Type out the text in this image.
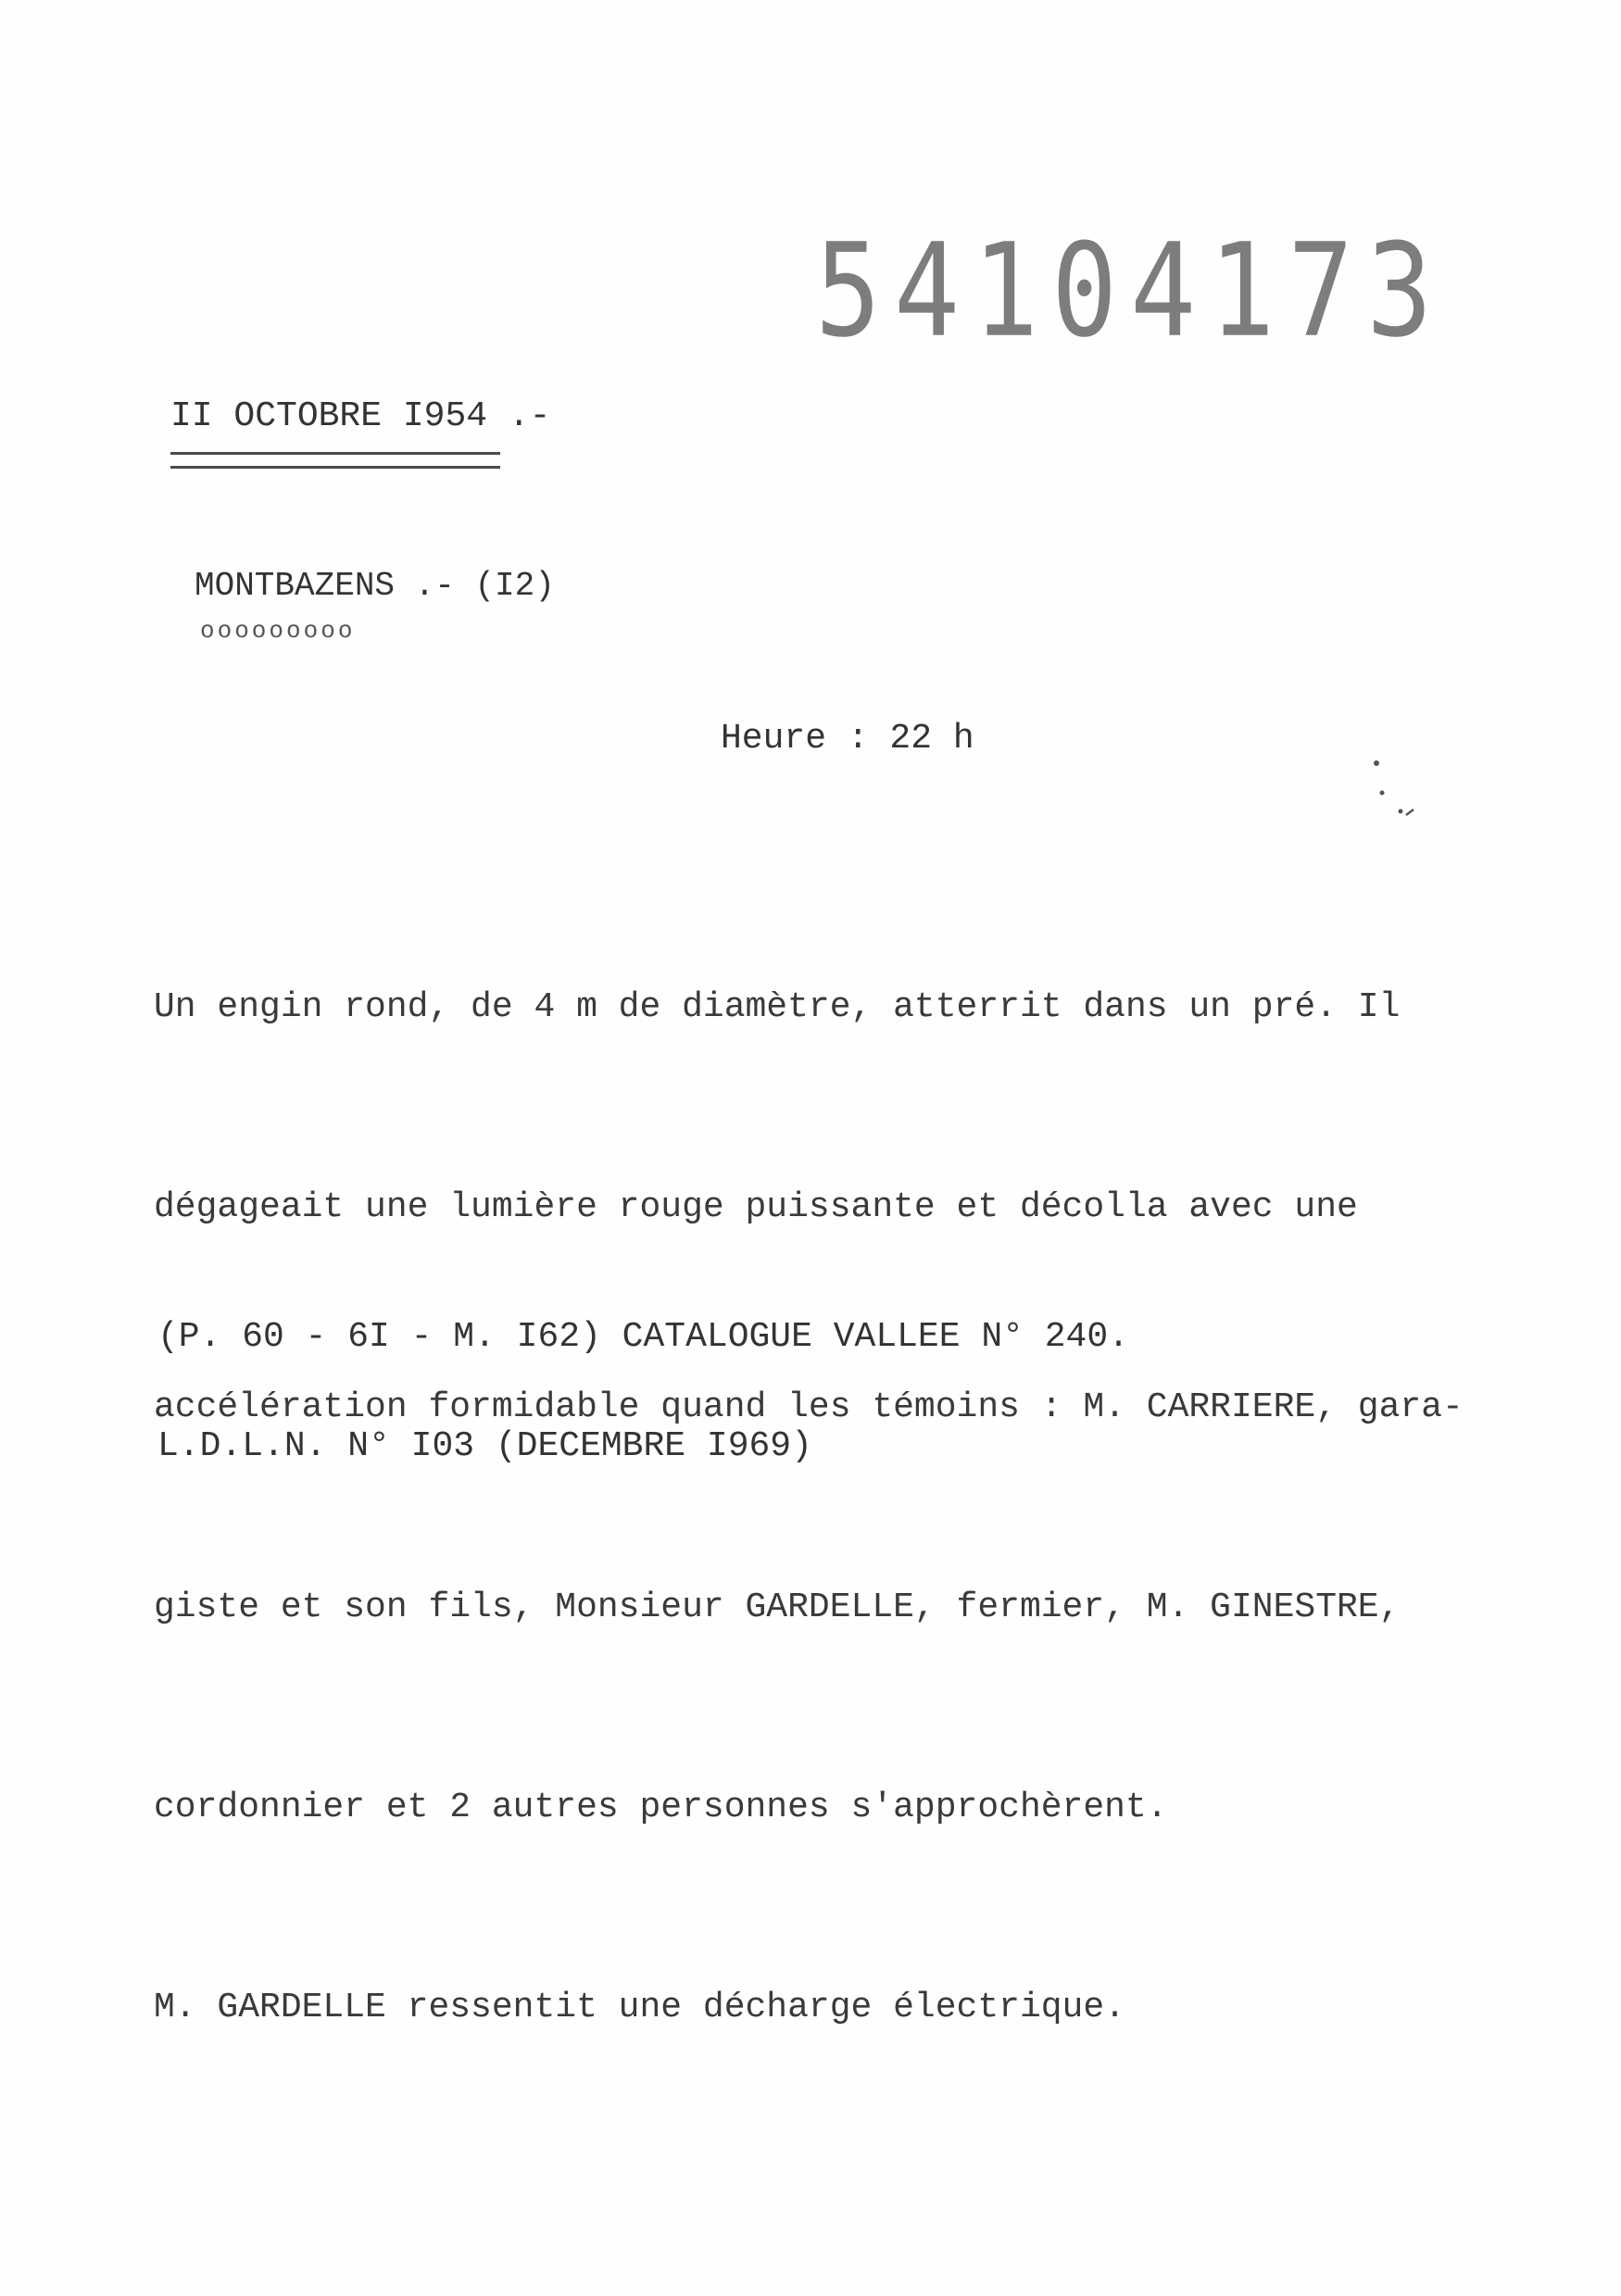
54104173
II OCTOBRE I954 .-
MONTBAZENS .- (I2)
ooooooooo
Heure : 22 h

Un engin rond, de 4 m de diamètre, atterrit dans un pré. Il

dégageait une lumière rouge puissante et décolla avec une

accélération formidable quand les témoins : M. CARRIERE, gara-

giste et son fils, Monsieur GARDELLE, fermier, M. GINESTRE,

cordonnier et 2 autres personnes s'approchèrent.

M. GARDELLE ressentit une décharge électrique.

(P. 60 - 6I - M. I62) CATALOGUE VALLEE N° 240.
L.D.L.N. N° I03 (DECEMBRE I969)
